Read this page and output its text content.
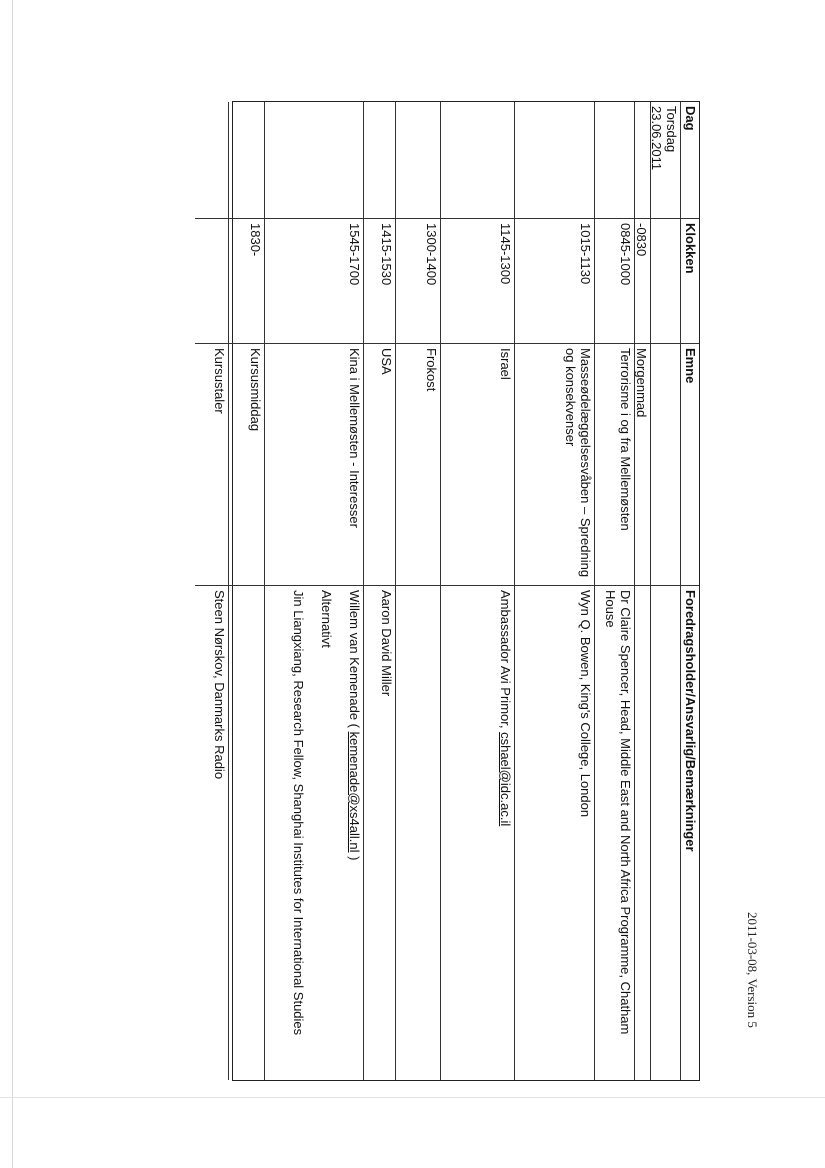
2011-03-08, Version 5
Dag
Klokken
Emne
Foredragsholder/Ansvarlig/Bemærkninger
Torsdag
23.06.2011
-0830
Morgenmad
0845-1000
Terrorisme i og fra Mellemøsten
Dr Claire Spencer, Head, Middle East and North Africa Programme, Chatham House
1015-1130
Masseødelæggelsesvåben – Spredning og konsekvenser
Wyn Q. Bowen, King's College, London
1145-1300
Israel
Ambassador Avi Primor, cshael@idc.ac.il
1300-1400
Frokost
1415-1530
USA
Aaron David Miller
1545-1700
Kina i Mellemøsten - Interesser
Willem van Kemenade ( kemenade@xs4all.nl )
Alternativt
Jin Liangxiang, Research Fellow, Shanghai Institutes for International Studies
1830-
Kursusmiddag
Kursustaler
Steen Nørskov, Danmarks Radio
